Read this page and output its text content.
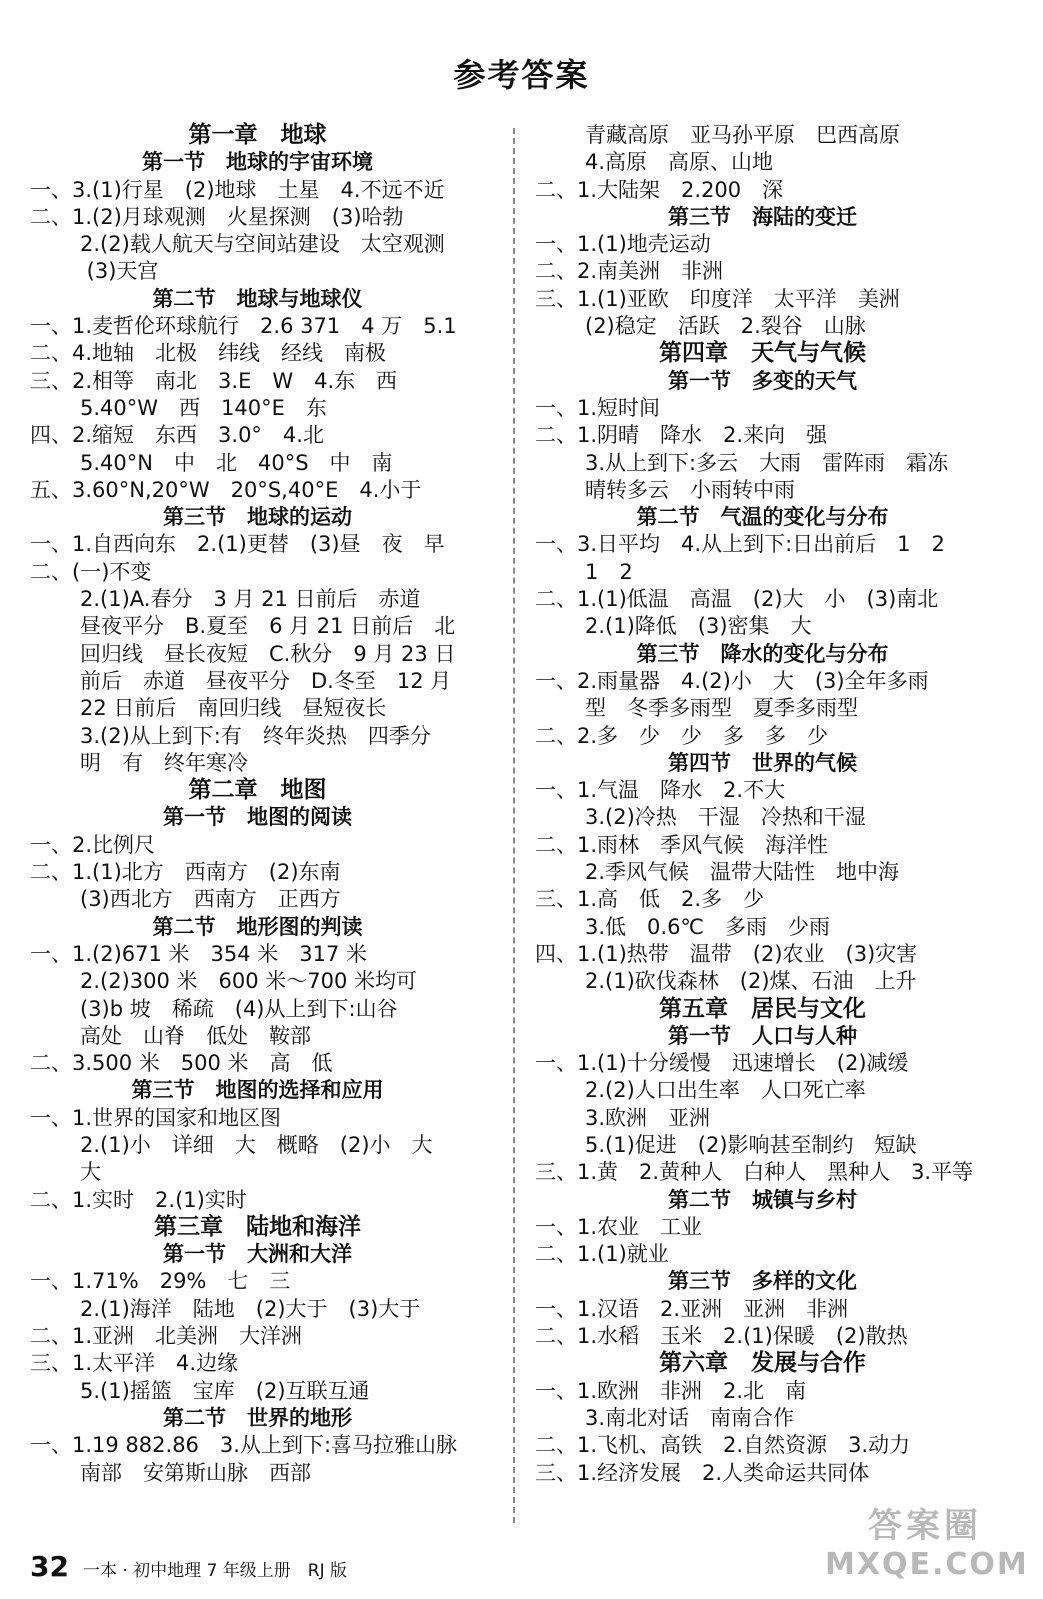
参考答案
第一章　地球
第一节　地球的宇宙环境
一、3.(1)行星　(2)地球　土星　4.不远不近
二、1.(2)月球观测　火星探测　(3)哈勃
2.(2)载人航天与空间站建设　太空观测
(3)天宫
第二节　地球与地球仪
一、1.麦哲伦环球航行　2.6 371　4 万　5.1
二、4.地轴　北极　纬线　经线　南极
三、2.相等　南北　3.E　W　4.东　西
5.40°W　西　140°E　东
四、2.缩短　东西　3.0°　4.北
5.40°N　中　北　40°S　中　南
五、3.60°N,20°W　20°S,40°E　4.小于
第三节　地球的运动
一、1.自西向东　2.(1)更替　(3)昼　夜　早
二、(一)不变
2.(1)A.春分　3 月 21 日前后　赤道
昼夜平分　B.夏至　6 月 21 日前后　北
回归线　昼长夜短　C.秋分　9 月 23 日
前后　赤道　昼夜平分　D.冬至　12 月
22 日前后　南回归线　昼短夜长
3.(2)从上到下:有　终年炎热　四季分
明　有　终年寒冷
第二章　地图
第一节　地图的阅读
一、2.比例尺
二、1.(1)北方　西南方　(2)东南
(3)西北方　西南方　正西方
第二节　地形图的判读
一、1.(2)671 米　354 米　317 米
2.(2)300 米　600 米～700 米均可
(3)b 坡　稀疏　(4)从上到下:山谷
高处　山脊　低处　鞍部
二、3.500 米　500 米　高　低
第三节　地图的选择和应用
一、1.世界的国家和地区图
2.(1)小　详细　大　概略　(2)小　大
大
二、1.实时　2.(1)实时
第三章　陆地和海洋
第一节　大洲和大洋
一、1.71%　29%　七　三
2.(1)海洋　陆地　(2)大于　(3)大于
二、1.亚洲　北美洲　大洋洲
三、1.太平洋　4.边缘
5.(1)摇篮　宝库　(2)互联互通
第二节　世界的地形
一、1.19 882.86　3.从上到下:喜马拉雅山脉
南部　安第斯山脉　西部
青藏高原　亚马孙平原　巴西高原
4.高原　高原、山地
二、1.大陆架　2.200　深
第三节　海陆的变迁
一、1.(1)地壳运动
二、2.南美洲　非洲
三、1.(1)亚欧　印度洋　太平洋　美洲
(2)稳定　活跃　2.裂谷　山脉
第四章　天气与气候
第一节　多变的天气
一、1.短时间
二、1.阴晴　降水　2.来向　强
3.从上到下:多云　大雨　雷阵雨　霜冻
晴转多云　小雨转中雨
第二节　气温的变化与分布
一、3.日平均　4.从上到下:日出前后　1　2
1　2
二、1.(1)低温　高温　(2)大　小　(3)南北
2.(1)降低　(3)密集　大
第三节　降水的变化与分布
一、2.雨量器　4.(2)小　大　(3)全年多雨
型　冬季多雨型　夏季多雨型
二、2.多　少　少　多　多　少
第四节　世界的气候
一、1.气温　降水　2.不大
3.(2)冷热　干湿　冷热和干湿
二、1.雨林　季风气候　海洋性
2.季风气候　温带大陆性　地中海
三、1.高　低　2.多　少
3.低　0.6℃　多雨　少雨
四、1.(1)热带　温带　(2)农业　(3)灾害
2.(1)砍伐森林　(2)煤、石油　上升
第五章　居民与文化
第一节　人口与人种
一、1.(1)十分缓慢　迅速增长　(2)减缓
2.(2)人口出生率　人口死亡率
3.欧洲　亚洲
5.(1)促进　(2)影响甚至制约　短缺
三、1.黄　2.黄种人　白种人　黑种人　3.平等
第二节　城镇与乡村
一、1.农业　工业
二、1.(1)就业
第三节　多样的文化
一、1.汉语　2.亚洲　亚洲　非洲
二、1.水稻　玉米　2.(1)保暖　(2)散热
第六章　发展与合作
一、1.欧洲　非洲　2.北　南
3.南北对话　南南合作
二、1.飞机、高铁　2.自然资源　3.动力
三、1.经济发展　2.人类命运共同体
32 一本 · 初中地理 7 年级上册　RJ 版
答案圈
MXQE.COM
